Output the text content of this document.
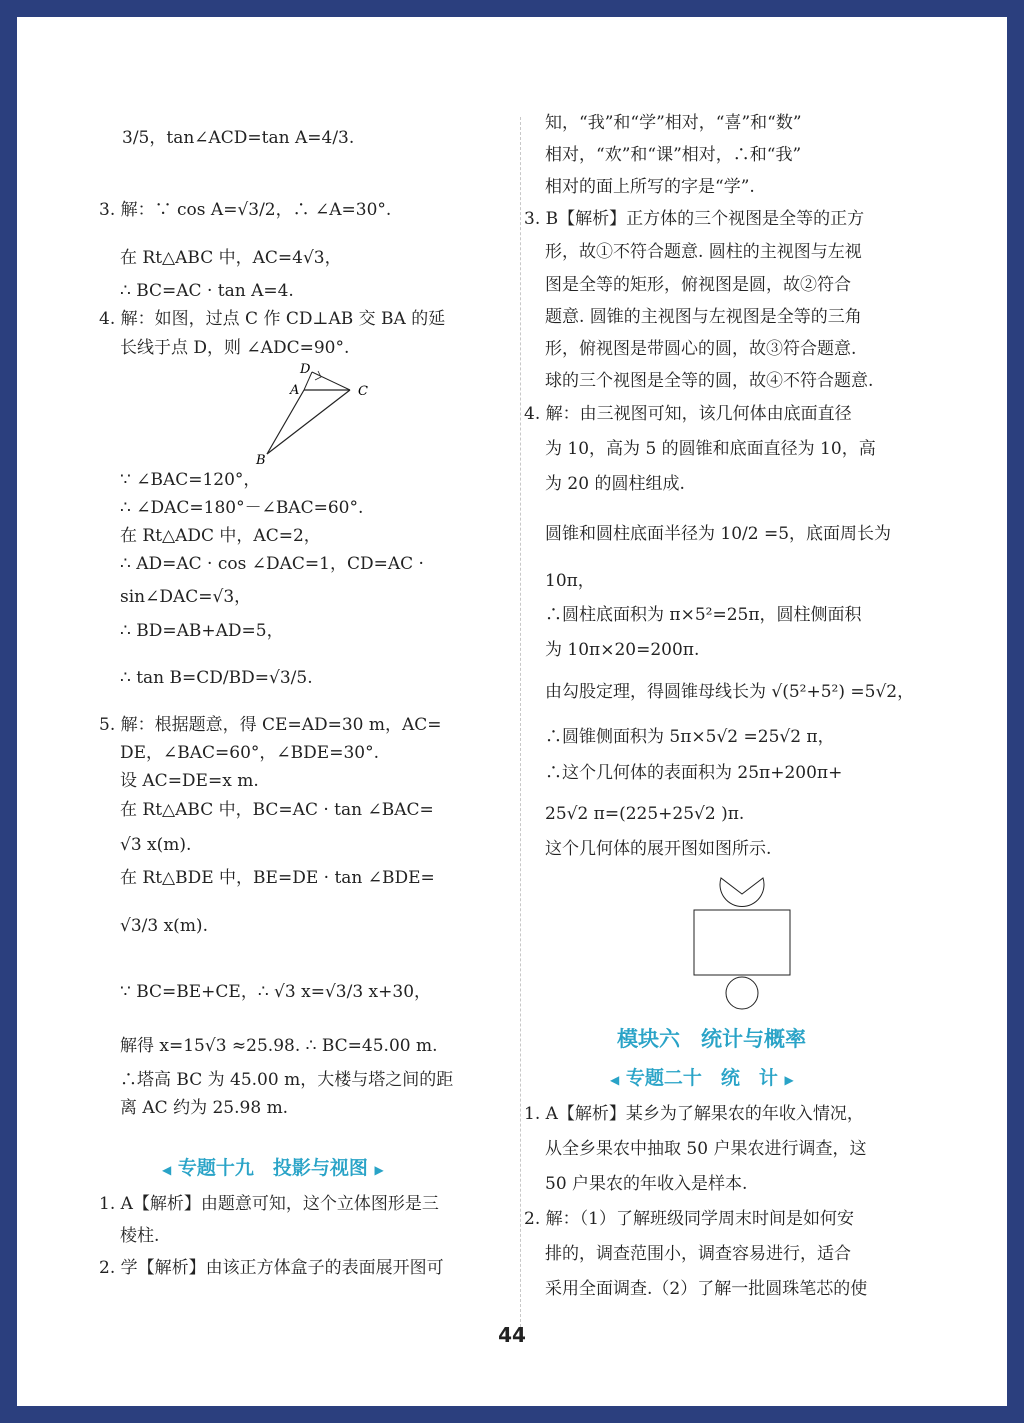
3/5，tan∠ACD=tan A=4/3.
3. 解：∵ cos A=√3/2，∴ ∠A=30°.
在 Rt△ABC 中，AC=4√3，
∴ BC=AC · tan A=4.
4. 解：如图，过点 C 作 CD⊥AB 交 BA 的延
长线于点 D，则 ∠ADC=90°.
D
A	C
B
∵ ∠BAC=120°，
∴ ∠DAC=180°－∠BAC=60°.
在 Rt△ADC 中，AC=2，
∴ AD=AC · cos ∠DAC=1，CD=AC ·
sin∠DAC=√3，
∴ BD=AB+AD=5，
∴ tan B=CD/BD=√3/5.
5. 解：根据题意，得 CE=AD=30 m，AC=
DE，∠BAC=60°，∠BDE=30°.
设 AC=DE=x m.
在 Rt△ABC 中，BC=AC · tan ∠BAC=
√3 x(m).
在 Rt△BDE 中，BE=DE · tan ∠BDE=
√3/3 x(m).
∵ BC=BE+CE，∴ √3 x=√3/3 x+30，
解得 x=15√3 ≈25.98. ∴ BC=45.00 m.
∴塔高 BC 为 45.00 m，大楼与塔之间的距
离 AC 约为 25.98 m.
◀ 专题十九　投影与视图 ▶
1. A【解析】由题意可知，这个立体图形是三
棱柱.
2. 学【解析】由该正方体盒子的表面展开图可
知，“我”和“学”相对，“喜”和“数”
相对，“欢”和“课”相对，∴和“我”
相对的面上所写的字是“学”.
3. B【解析】正方体的三个视图是全等的正方
形，故①不符合题意. 圆柱的主视图与左视
图是全等的矩形，俯视图是圆，故②符合
题意. 圆锥的主视图与左视图是全等的三角
形，俯视图是带圆心的圆，故③符合题意.
球的三个视图是全等的圆，故④不符合题意.
4. 解：由三视图可知，该几何体由底面直径
为 10，高为 5 的圆锥和底面直径为 10，高
为 20 的圆柱组成.
圆锥和圆柱底面半径为 10/2 =5，底面周长为
10π，
∴圆柱底面积为 π×5²=25π，圆柱侧面积
为 10π×20=200π.
由勾股定理，得圆锥母线长为 √(5²+5²) =5√2，
∴圆锥侧面积为 5π×5√2 =25√2 π，
∴这个几何体的表面积为 25π+200π+
25√2 π=(225+25√2 )π.
这个几何体的展开图如图所示.
模块六　统计与概率
◀ 专题二十　统　计 ▶
1. A【解析】某乡为了解果农的年收入情况，
从全乡果农中抽取 50 户果农进行调查，这
50 户果农的年收入是样本.
2. 解：（1）了解班级同学周末时间是如何安
排的，调查范围小，调查容易进行，适合
采用全面调查.（2）了解一批圆珠笔芯的使
44
